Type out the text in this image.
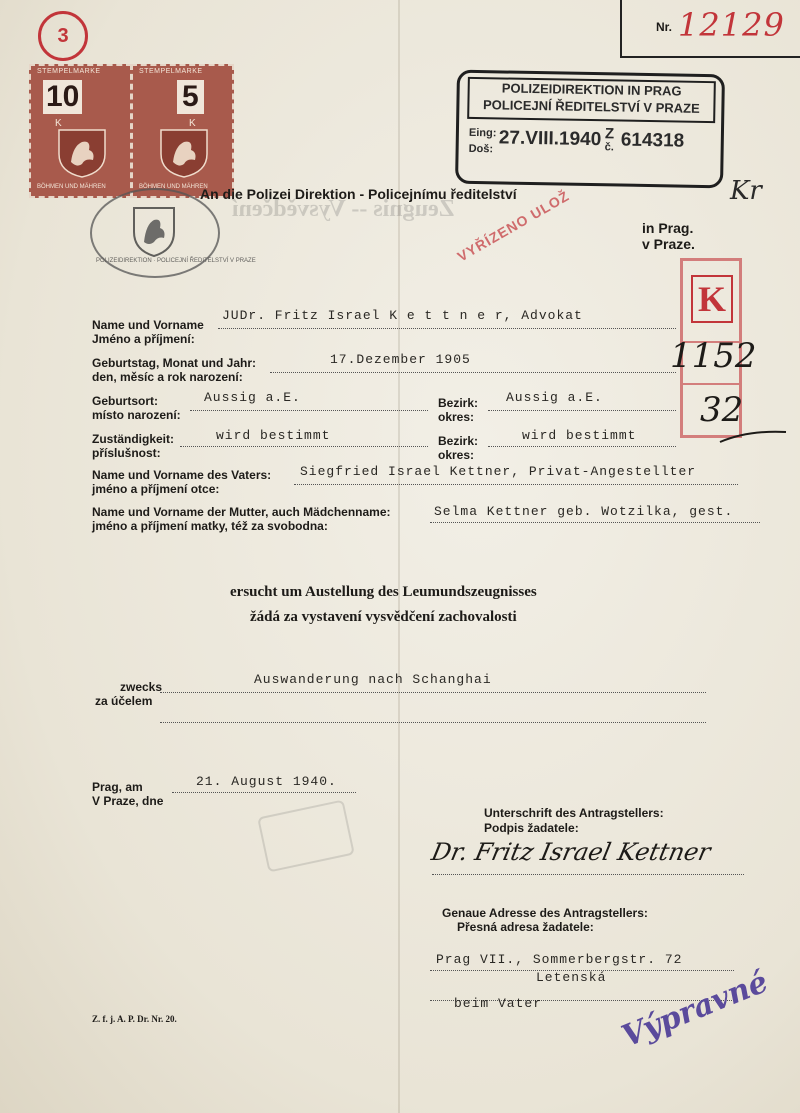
Nr. 12129
3
STEMPELMARKE
10
K
BÖHMEN UND MÄHREN
STEMPELMARKE
5
K
BÖHMEN UND MÄHREN
POLIZEIDIREKTION · POLICEJNÍ ŘEDITELSTVÍ V PRAZE
POLIZEIDIREKTION IN PRAG
POLICEJNÍ ŘEDITELSTVÍ V PRAZE
Eing:
Doš: 27.VIII.1940 Z
č. 614318
Zeugnis -- Vysvědčení
An die Polizei Direktion - Policejnímu ředitelství
in Prag.
v Praze.
VYŘÍZENO ULOŽ	Kr
K
1152
32
Name und Vorname
Jméno a příjmení:
JUDr. Fritz Israel K e t t n e r, Advokat
Geburtstag, Monat und Jahr:
den, měsíc a rok narození:
17.Dezember 1905
Geburtsort:
místo narození:
Aussig a.E.	Bezirk:
okres:
Aussig a.E.
Zuständigkeit:
příslušnost:
wird bestimmt	Bezirk:
okres:
wird bestimmt
Name und Vorname des Vaters:
jméno a příjmení otce:
Siegfried Israel Kettner, Privat-Angestellter
Name und Vorname der Mutter, auch Mädchenname:
jméno a příjmení matky, též za svobodna:
Selma Kettner geb. Wotzilka, gest.
ersucht um Austellung des Leumundszeugnisses
žádá za vystavení vysvědčení zachovalosti
zwecks
za účelem
Auswanderung nach Schanghai
Prag, am
V Praze, dne
21. August 1940.
Unterschrift des Antragstellers:
Podpis žadatele:
Dr. Fritz Israel Kettner
Genaue Adresse des Antragstellers:
Přesná adresa žadatele:
Prag VII., Sommerbergstr. 72
Letenská
beim Vater	Výpravné
Z. f. j. A. P. Dr. Nr. 20.
